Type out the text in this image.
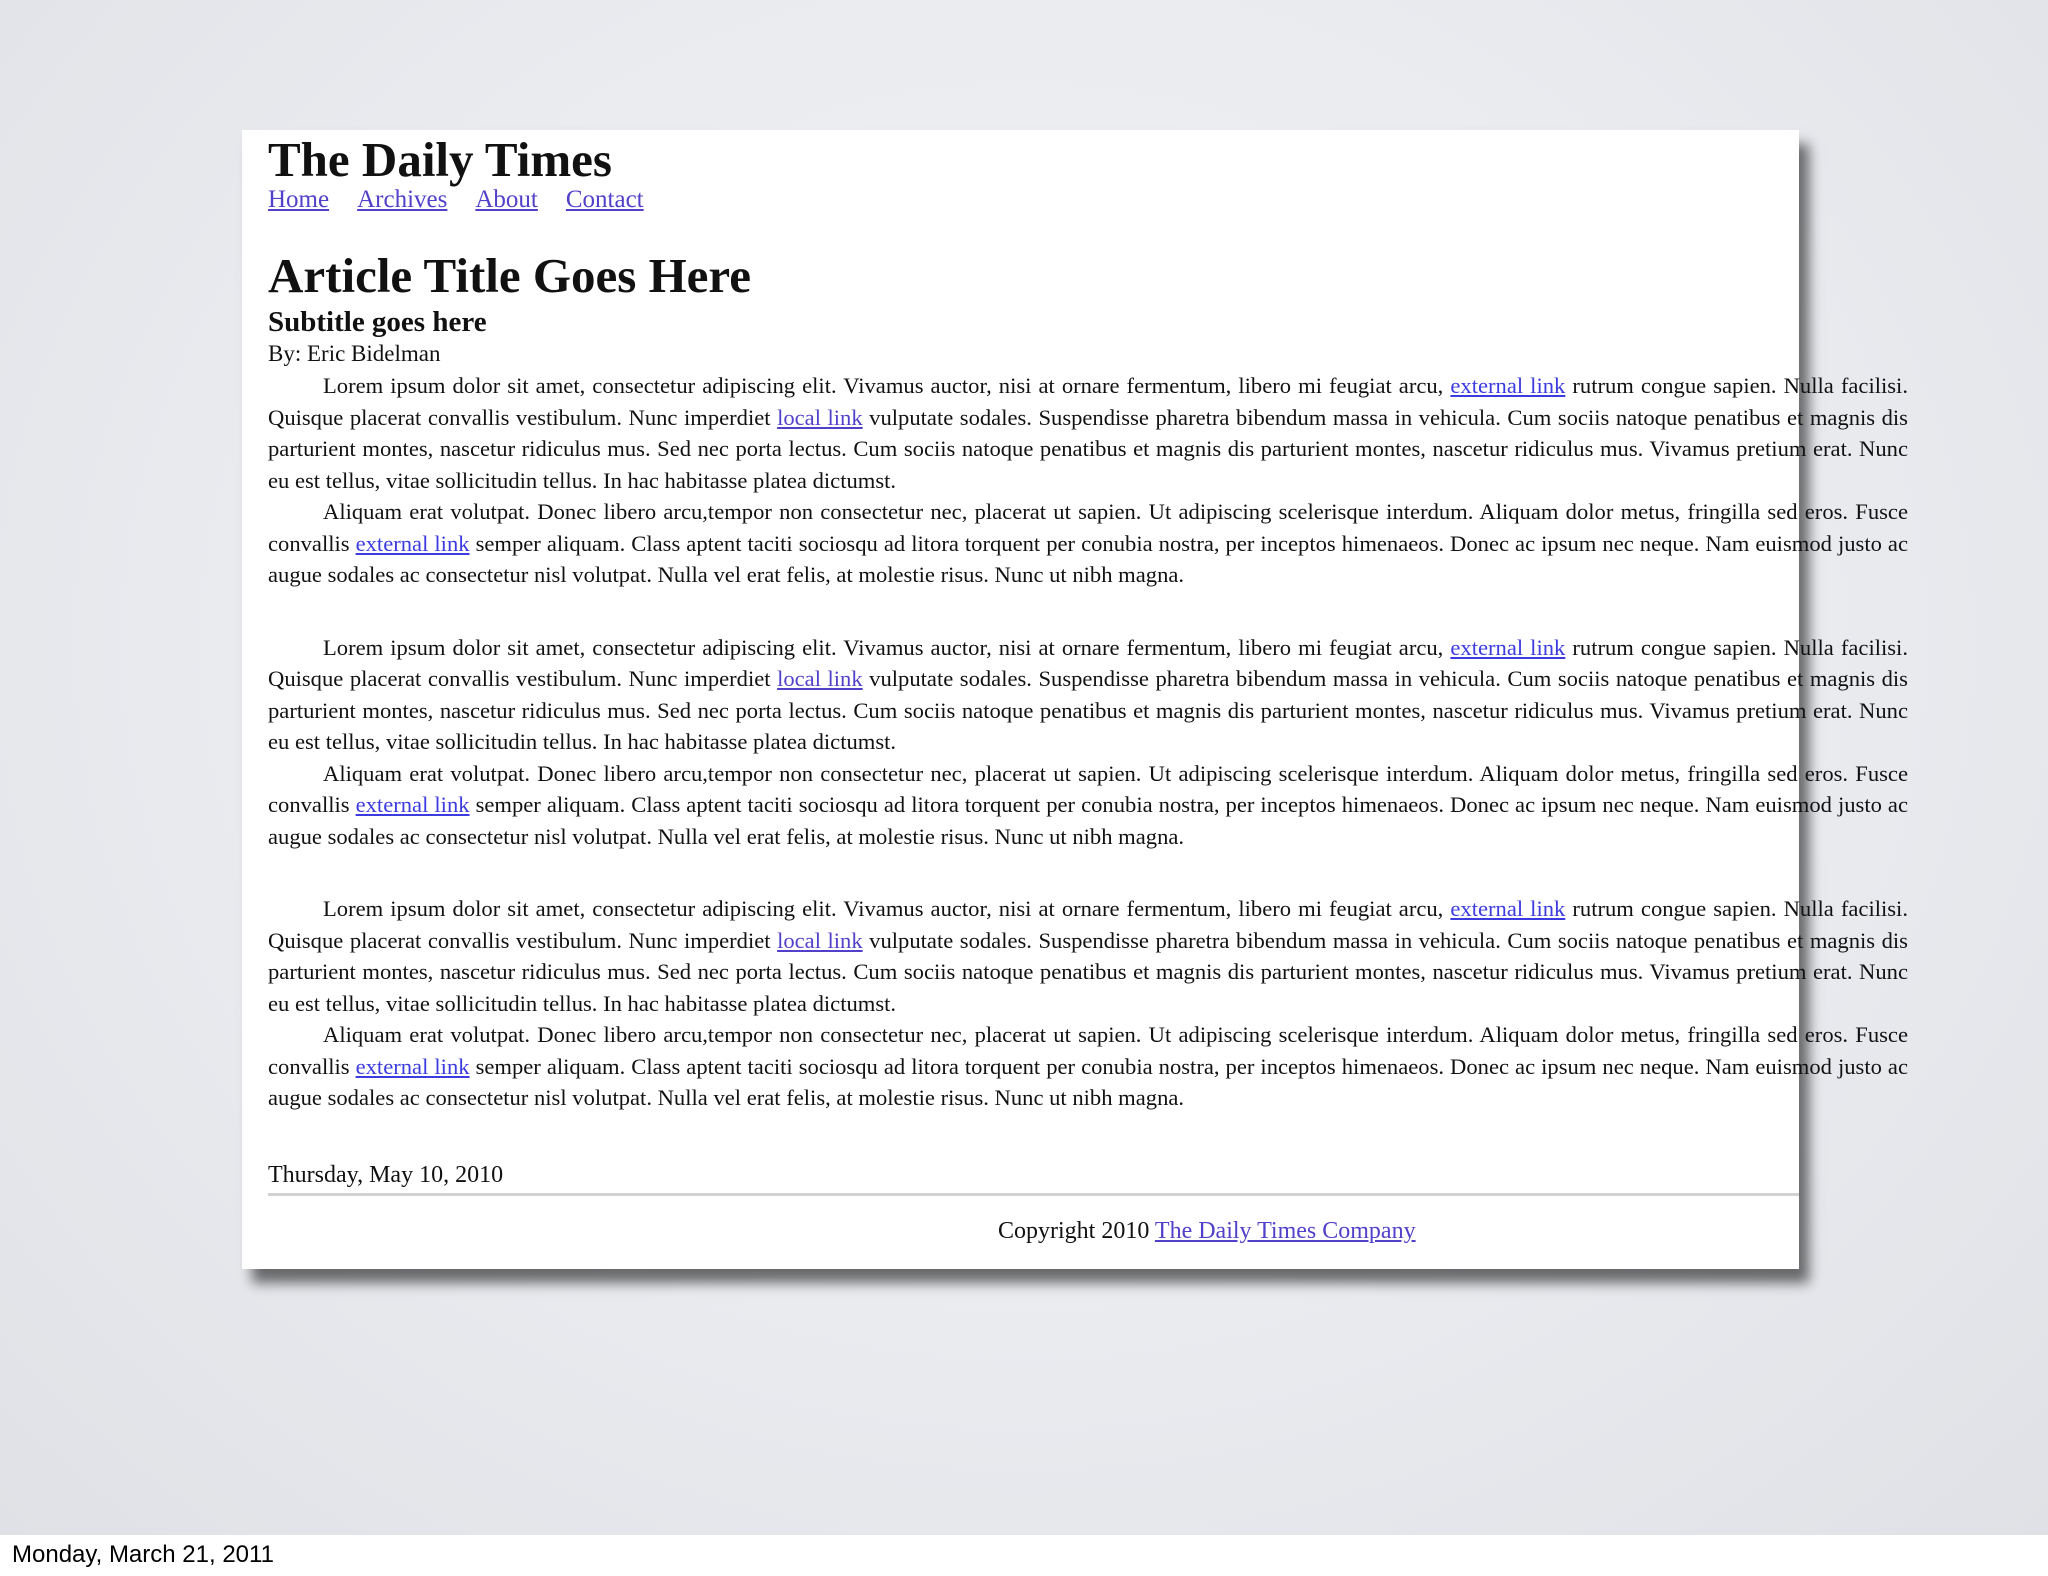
The Daily Times
Home Archives About Contact
Article Title Goes Here
Subtitle goes here
By: Eric Bidelman

Lorem ipsum dolor sit amet, consectetur adipiscing elit. Vivamus auctor, nisi at ornare fermentum, libero mi feugiat arcu, external link rutrum congue sapien. Nulla facilisi. Quisque placerat convallis vestibulum. Nunc imperdiet local link vulputate sodales. Suspendisse pharetra bibendum massa in vehicula. Cum sociis natoque penatibus et magnis dis parturient montes, nascetur ridiculus mus. Sed nec porta lectus. Cum sociis natoque penatibus et magnis dis parturient montes, nascetur ridiculus mus. Vivamus pretium erat. Nunc eu est tellus, vitae sollicitudin tellus. In hac habitasse platea dictumst.

Aliquam erat volutpat. Donec libero arcu,tempor non consectetur nec, placerat ut sapien. Ut adipiscing scelerisque interdum. Aliquam dolor metus, fringilla sed eros. Fusce convallis external link semper aliquam. Class aptent taciti sociosqu ad litora torquent per conubia nostra, per inceptos himenaeos. Donec ac ipsum nec neque. Nam euismod justo ac augue sodales ac consectetur nisl volutpat. Nulla vel erat felis, at molestie risus. Nunc ut nibh magna.

Lorem ipsum dolor sit amet, consectetur adipiscing elit. Vivamus auctor, nisi at ornare fermentum, libero mi feugiat arcu, external link rutrum congue sapien. Nulla facilisi. Quisque placerat convallis vestibulum. Nunc imperdiet local link vulputate sodales. Suspendisse pharetra bibendum massa in vehicula. Cum sociis natoque penatibus et magnis dis parturient montes, nascetur ridiculus mus. Sed nec porta lectus. Cum sociis natoque penatibus et magnis dis parturient montes, nascetur ridiculus mus. Vivamus pretium erat. Nunc eu est tellus, vitae sollicitudin tellus. In hac habitasse platea dictumst.

Aliquam erat volutpat. Donec libero arcu,tempor non consectetur nec, placerat ut sapien. Ut adipiscing scelerisque interdum. Aliquam dolor metus, fringilla sed eros. Fusce convallis external link semper aliquam. Class aptent taciti sociosqu ad litora torquent per conubia nostra, per inceptos himenaeos. Donec ac ipsum nec neque. Nam euismod justo ac augue sodales ac consectetur nisl volutpat. Nulla vel erat felis, at molestie risus. Nunc ut nibh magna.

Lorem ipsum dolor sit amet, consectetur adipiscing elit. Vivamus auctor, nisi at ornare fermentum, libero mi feugiat arcu, external link rutrum congue sapien. Nulla facilisi. Quisque placerat convallis vestibulum. Nunc imperdiet local link vulputate sodales. Suspendisse pharetra bibendum massa in vehicula. Cum sociis natoque penatibus et magnis dis parturient montes, nascetur ridiculus mus. Sed nec porta lectus. Cum sociis natoque penatibus et magnis dis parturient montes, nascetur ridiculus mus. Vivamus pretium erat. Nunc eu est tellus, vitae sollicitudin tellus. In hac habitasse platea dictumst.

Aliquam erat volutpat. Donec libero arcu,tempor non consectetur nec, placerat ut sapien. Ut adipiscing scelerisque interdum. Aliquam dolor metus, fringilla sed eros. Fusce convallis external link semper aliquam. Class aptent taciti sociosqu ad litora torquent per conubia nostra, per inceptos himenaeos. Donec ac ipsum nec neque. Nam euismod justo ac augue sodales ac consectetur nisl volutpat. Nulla vel erat felis, at molestie risus. Nunc ut nibh magna.

Thursday, May 10, 2010
Copyright 2010 The Daily Times Company
Monday, March 21, 2011
